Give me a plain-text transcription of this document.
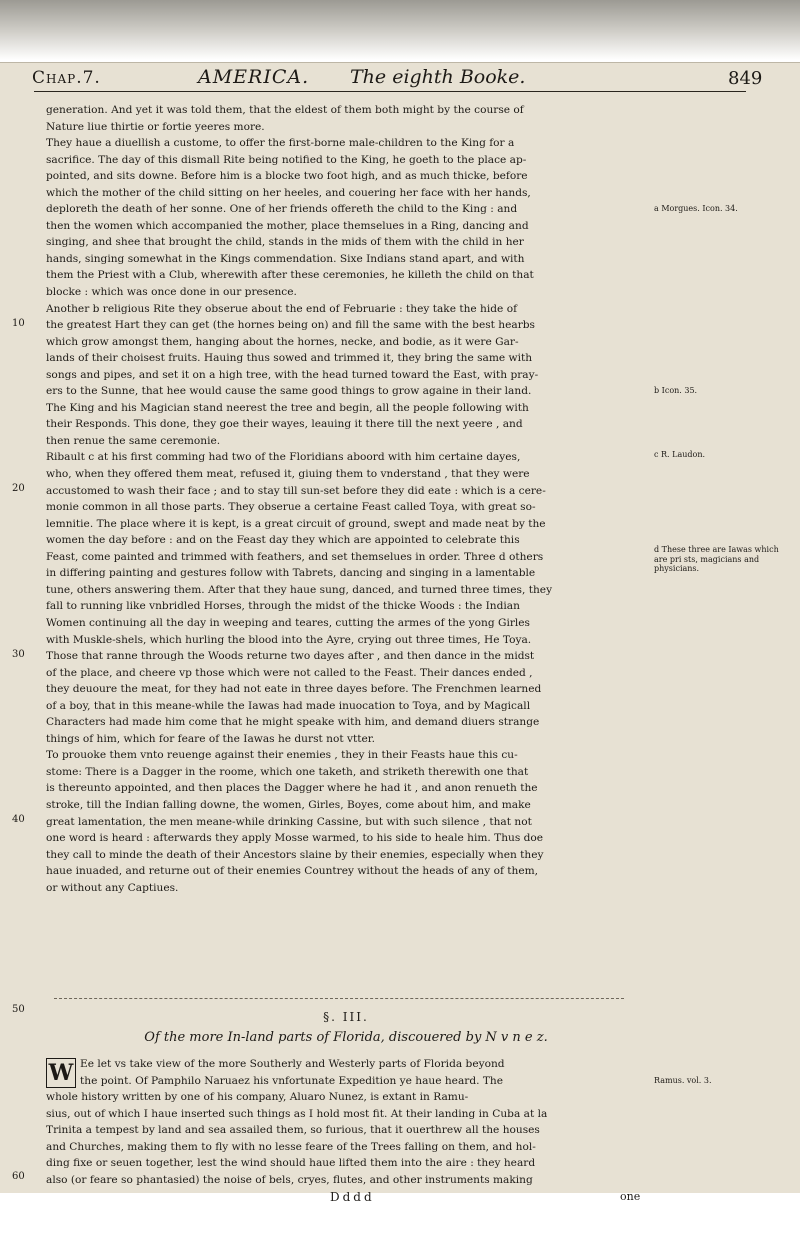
Chap.7.	AMERICA. The eighth Booke.	849

generation. And yet it was told them, that the eldest of them both might by the course of

Nature liue thirtie or fortie yeeres more.

They haue a diuellish a custome, to offer the first-borne male-children to the King for a

sacrifice. The day of this dismall Rite being notified to the King, he goeth to the place ap-

pointed, and sits downe. Before him is a blocke two foot high, and as much thicke, before

which the mother of the child sitting on her heeles, and couering her face with her hands,

deploreth the death of her sonne. One of her friends offereth the child to the King : and

then the women which accompanied the mother, place themselues in a Ring, dancing and

singing, and shee that brought the child, stands in the mids of them with the child in her

hands, singing somewhat in the Kings commendation. Sixe Indians stand apart, and with

them the Priest with a Club, wherewith after these ceremonies, he killeth the child on that

blocke : which was once done in our presence.

Another b religious Rite they obserue about the end of Februarie : they take the hide of

the greatest Hart they can get (the hornes being on) and fill the same with the best hearbs

which grow amongst them, hanging about the hornes, necke, and bodie, as it were Gar-

lands of their choisest fruits. Hauing thus sowed and trimmed it, they bring the same with

songs and pipes, and set it on a high tree, with the head turned toward the East, with pray-

ers to the Sunne, that hee would cause the same good things to grow againe in their land.

The King and his Magician stand neerest the tree and begin, all the people following with

their Responds. This done, they goe their wayes, leauing it there till the next yeere , and

then renue the same ceremonie.

Ribault c at his first comming had two of the Floridians aboord with him certaine dayes,

who, when they offered them meat, refused it, giuing them to vnderstand , that they were

accustomed to wash their face ; and to stay till sun-set before they did eate : which is a cere-

monie common in all those parts. They obserue a certaine Feast called Toya, with great so-

lemnitie. The place where it is kept, is a great circuit of ground, swept and made neat by the

women the day before : and on the Feast day they which are appointed to celebrate this

Feast, come painted and trimmed with feathers, and set themselues in order. Three d others

in differing painting and gestures follow with Tabrets, dancing and singing in a lamentable

tune, others answering them. After that they haue sung, danced, and turned three times, they

fall to running like vnbridled Horses, through the midst of the thicke Woods : the Indian

Women continuing all the day in weeping and teares, cutting the armes of the yong Girles

with Muskle-shels, which hurling the blood into the Ayre, crying out three times, He Toya.

Those that ranne through the Woods returne two dayes after , and then dance in the midst

of the place, and cheere vp those which were not called to the Feast. Their dances ended ,

they deuoure the meat, for they had not eate in three dayes before. The Frenchmen learned

of a boy, that in this meane-while the Iawas had made inuocation to Toya, and by Magicall

Characters had made him come that he might speake with him, and demand diuers strange

things of him, which for feare of the Iawas he durst not vtter.

To prouoke them vnto reuenge against their enemies , they in their Feasts haue this cu-

stome: There is a Dagger in the roome, which one taketh, and striketh therewith one that

is thereunto appointed, and then places the Dagger where he had it , and anon renueth the

stroke, till the Indian falling downe, the women, Girles, Boyes, come about him, and make

great lamentation, the men meane-while drinking Cassine, but with such silence , that not

one word is heard : afterwards they apply Mosse warmed, to his side to heale him. Thus doe

they call to minde the death of their Ancestors slaine by their enemies, especially when they

haue inuaded, and returne out of their enemies Countrey without the heads of any of them,

or without any Captiues.

10
20
30
40
50
60
a Morgues. Icon. 34.
b Icon. 35.
c R. Laudon.
d These three are Iawas which are pri sts, magicians and physicians.
Ramus. vol. 3.
§. III.
Of the more In-land parts of Florida, discouered by N v n e z.
W Ee let vs take view of the more Southerly and Westerly parts of Florida beyond

the point. Of Pamphilo Naruaez his vnfortunate Expedition ye haue heard. The

whole history written by one of his company, Aluaro Nunez, is extant in Ramu-

sius, out of which I haue inserted such things as I hold most fit. At their landing in Cuba at la

Trinita a tempest by land and sea assailed them, so furious, that it ouerthrew all the houses

and Churches, making them to fly with no lesse feare of the Trees falling on them, and hol-

ding fixe or seuen together, lest the wind should haue lifted them into the aire : they heard

also (or feare so phantasied) the noise of bels, cryes, flutes, and other instruments making

Dddd	one
